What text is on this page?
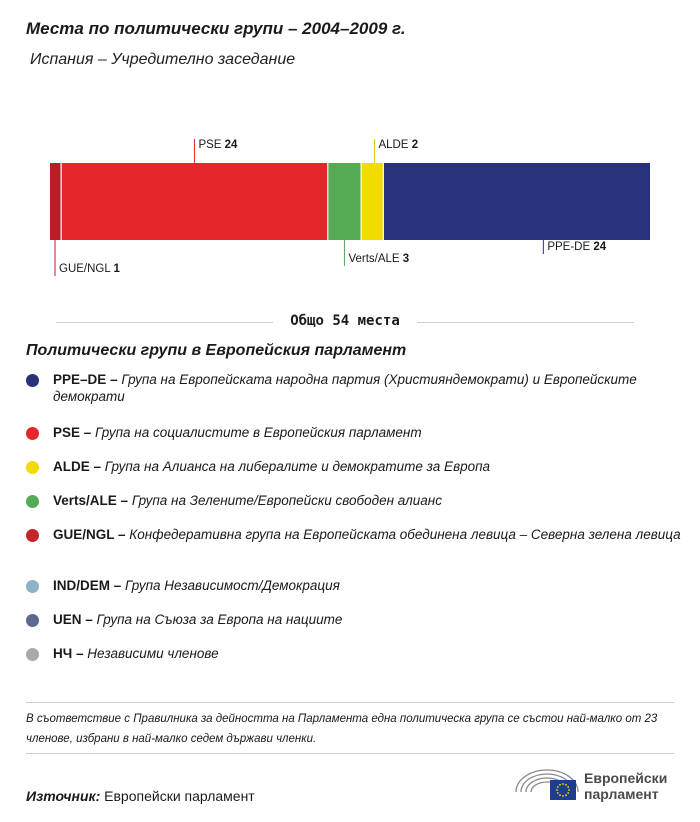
Места по политически групи – 2004–2009 г.
Испания – Учредително заседание
GUE/NGL 1
PSE 24
Verts/ALE 3
ALDE 2
PPE-DE 24
Общо 54 места
Политически групи в Европейския парламент
PPE–DE – Група на Европейската народна партия (Християндемократи) и Европейските демократи
PSE – Група на социалистите в Европейския парламент
ALDE – Група на Алианса на либералите и демократите за Европа
Verts/ALE – Група на Зелените/Европейски свободен алианс
GUE/NGL – Конфедеративна група на Европейската обединена левица – Северна зелена левица
IND/DEM – Група Независимост/Демокрация
UEN – Група на Съюза за Европа на нациите
НЧ – Независими членове
В съответствие с Правилника за дейността на Парламента една политическа група се състои най-малко от 23 членове, избрани в най-малко седем държави членки.
Източник: Европейски парламент
Европейски
парламент
